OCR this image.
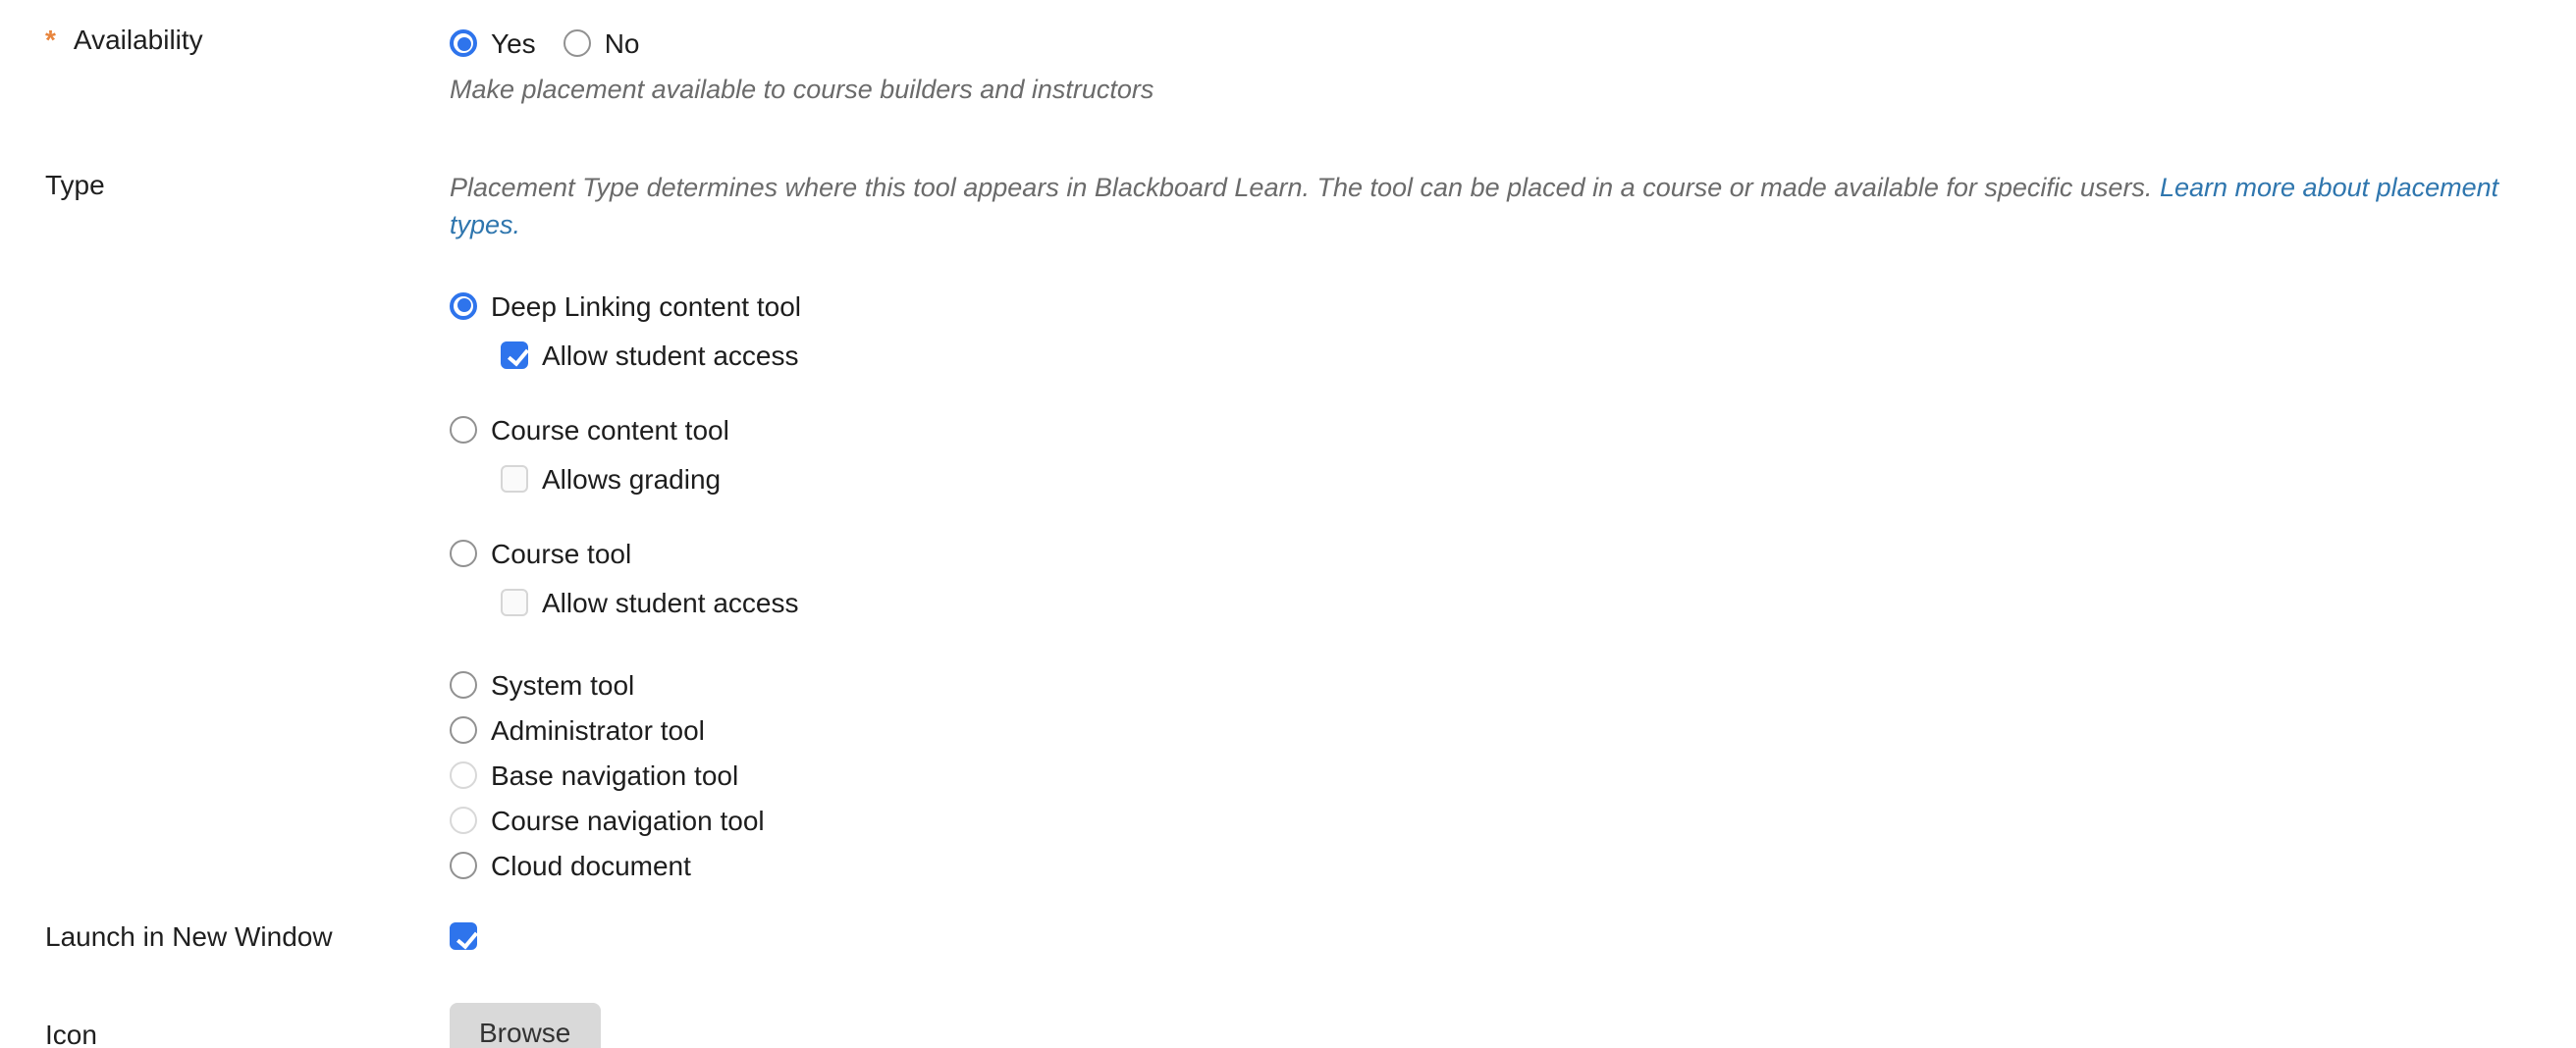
* Availability	Yes	No
Make placement available to course builders and instructors
Type	Placement Type determines where this tool appears in Blackboard Learn. The tool can be placed in a course or made available for specific users. Learn more about placement types.

Deep Linking content tool
Allow student access
Course content tool
Allows grading
Course tool
Allow student access
System tool
Administrator tool
Base navigation tool
Course navigation tool
Cloud document
Launch in New Window
Icon	Browse
